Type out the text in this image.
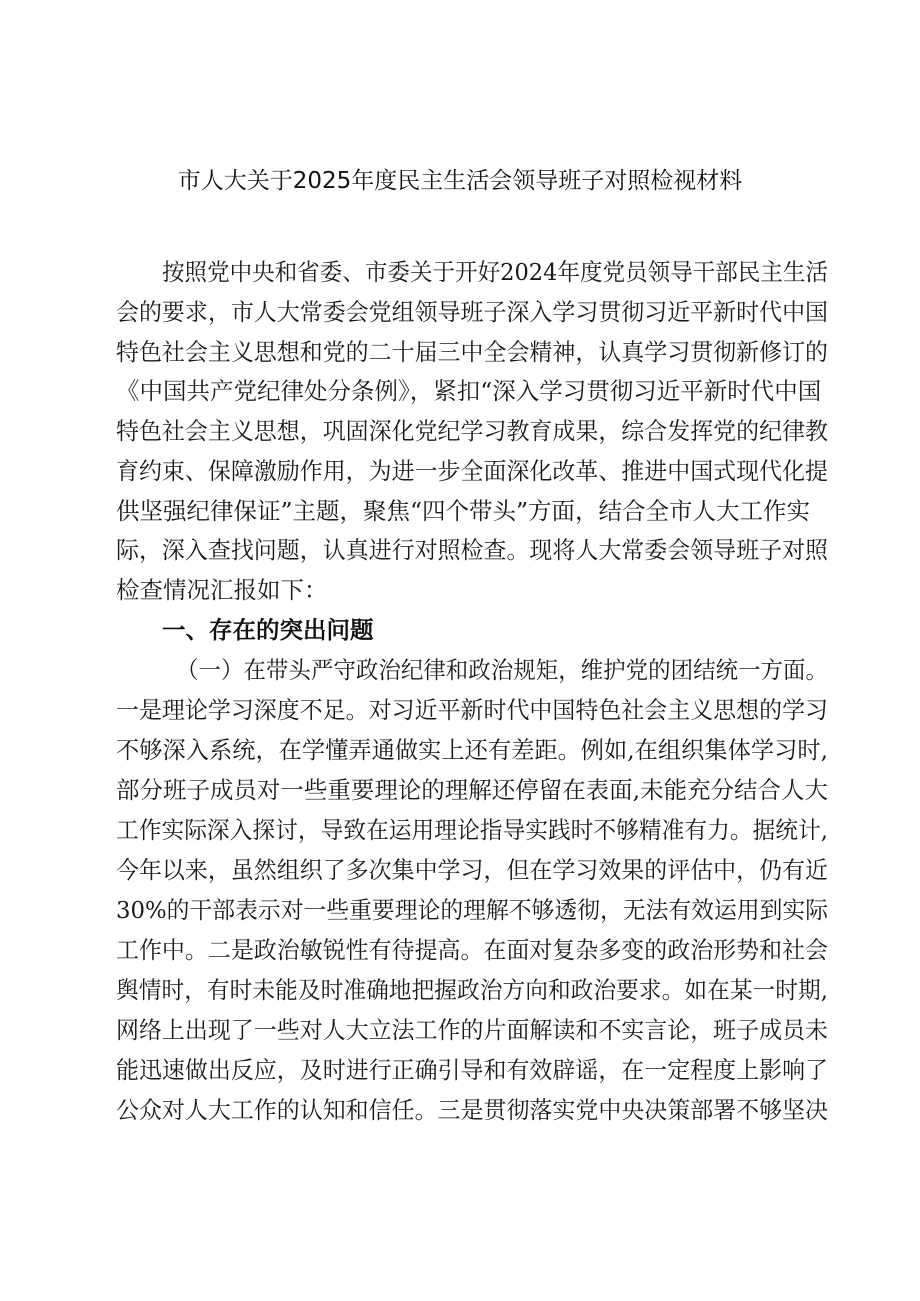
市人大关于2025年度民主生活会领导班子对照检视材料

按照党中央和省委、市委关于开好2024年度党员领导干部民主生活

会的要求，市人大常委会党组领导班子深入学习贯彻习近平新时代中国

特色社会主义思想和党的二十届三中全会精神，认真学习贯彻新修订的

《中国共产党纪律处分条例》，紧扣“深入学习贯彻习近平新时代中国

特色社会主义思想，巩固深化党纪学习教育成果，综合发挥党的纪律教

育约束、保障激励作用，为进一步全面深化改革、推进中国式现代化提

供坚强纪律保证”主题，聚焦“四个带头”方面，结合全市人大工作实

际，深入查找问题，认真进行对照检查。现将人大常委会领导班子对照

检查情况汇报如下：

一、存在的突出问题

（一）在带头严守政治纪律和政治规矩，维护党的团结统一方面。

一是理论学习深度不足。对习近平新时代中国特色社会主义思想的学习

不够深入系统，在学懂弄通做实上还有差距。例如,在组织集体学习时,

部分班子成员对一些重要理论的理解还停留在表面,未能充分结合人大

工作实际深入探讨，导致在运用理论指导实践时不够精准有力。据统计,

今年以来，虽然组织了多次集中学习，但在学习效果的评估中，仍有近

30%的干部表示对一些重要理论的理解不够透彻，无法有效运用到实际

工作中。二是政治敏锐性有待提高。在面对复杂多变的政治形势和社会

舆情时，有时未能及时准确地把握政治方向和政治要求。如在某一时期,

网络上出现了一些对人大立法工作的片面解读和不实言论，班子成员未

能迅速做出反应，及时进行正确引导和有效辟谣，在一定程度上影响了

公众对人大工作的认知和信任。三是贯彻落实党中央决策部署不够坚决
